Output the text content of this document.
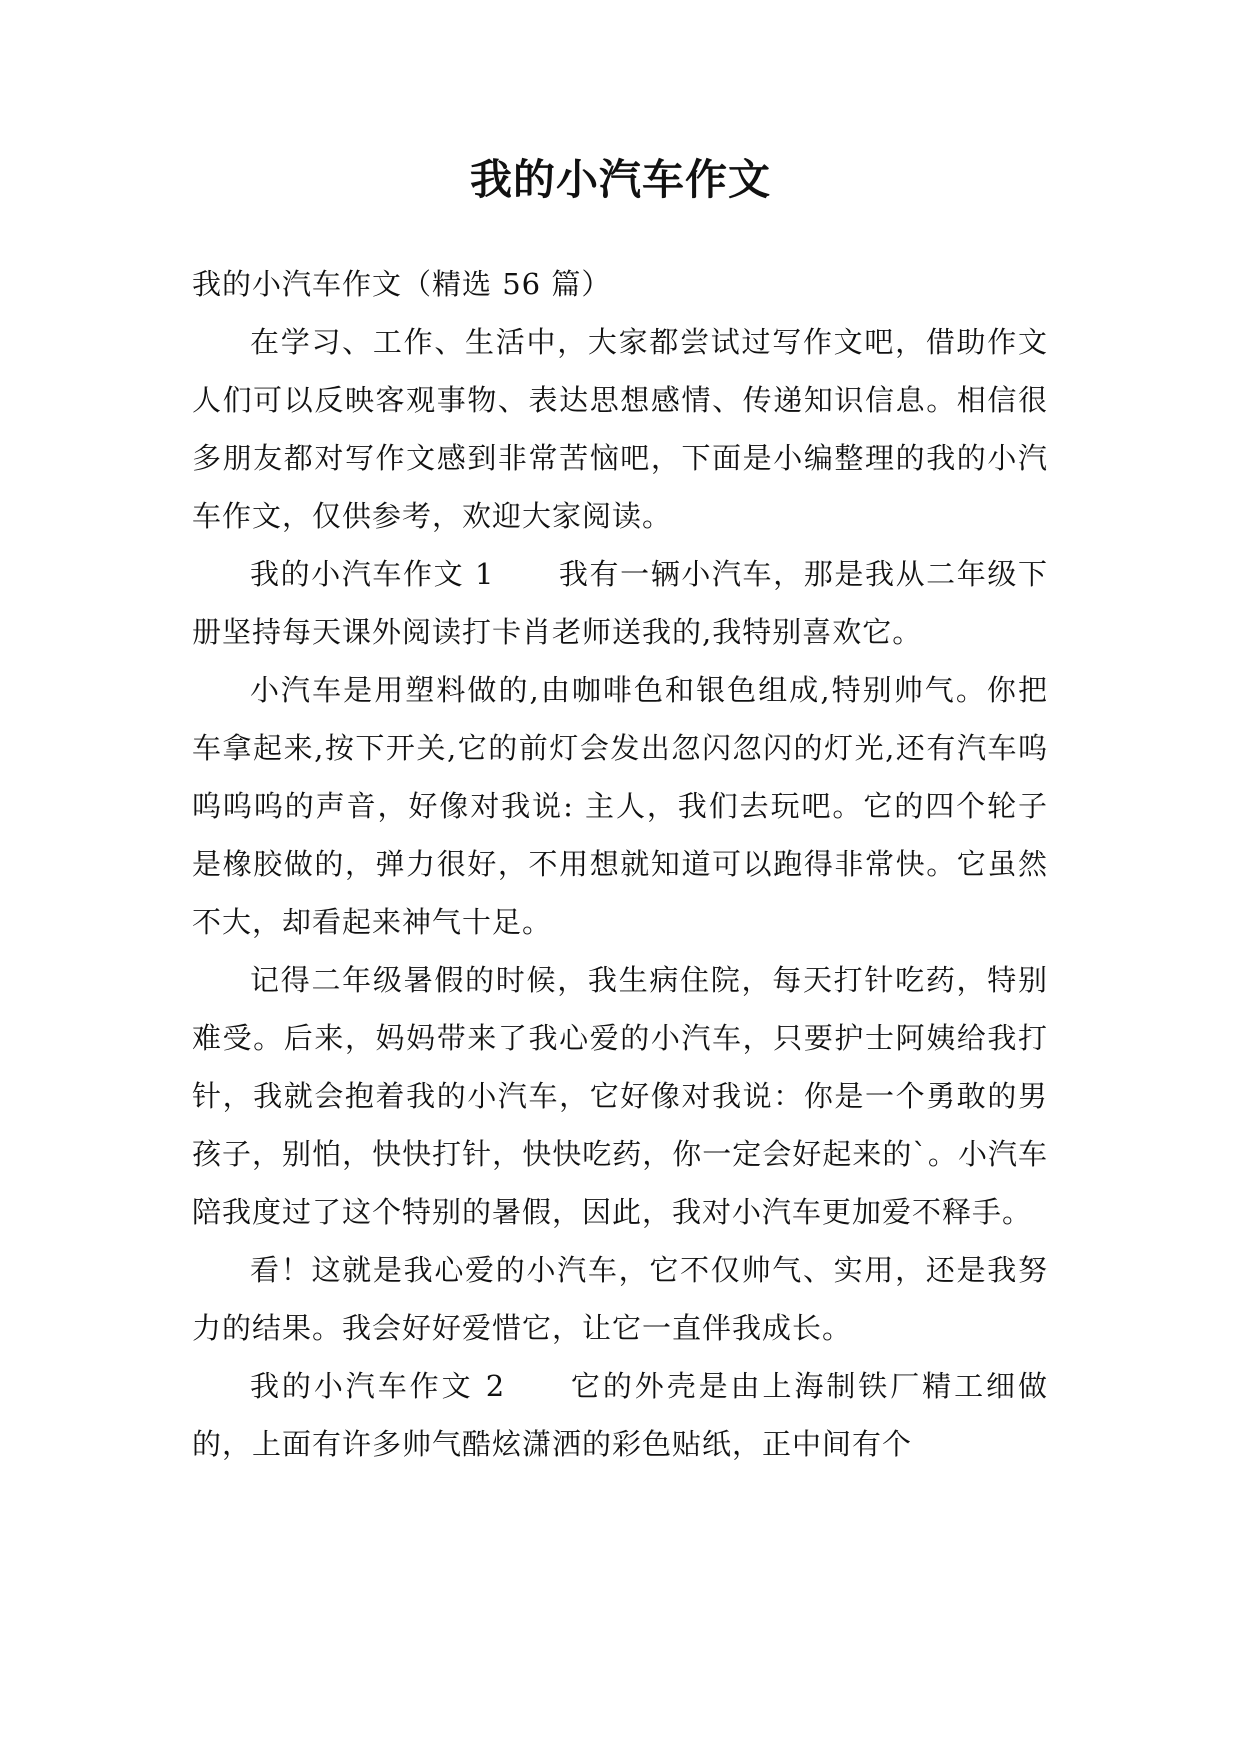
我的小汽车作文

我的小汽车作文（精选 56 篇）

在学习、工作、生活中，大家都尝试过写作文吧，借助作文人们可以反映客观事物、表达思想感情、传递知识信息。相信很多朋友都对写作文感到非常苦恼吧，下面是小编整理的我的小汽车作文，仅供参考，欢迎大家阅读。

我的小汽车作文 1 我有一辆小汽车，那是我从二年级下册坚持每天课外阅读打卡肖老师送我的,我特别喜欢它。

小汽车是用塑料做的,由咖啡色和银色组成,特别帅气。你把车拿起来,按下开关,它的前灯会发出忽闪忽闪的灯光,还有汽车呜呜呜呜的声音，好像对我说: 主人，我们去玩吧。它的四个轮子是橡胶做的，弹力很好，不用想就知道可以跑得非常快。它虽然不大，却看起来神气十足。

记得二年级暑假的时候，我生病住院，每天打针吃药，特别难受。后来，妈妈带来了我心爱的小汽车，只要护士阿姨给我打针，我就会抱着我的小汽车，它好像对我说：你是一个勇敢的男孩子，别怕，快快打针，快快吃药，你一定会好起来的`。小汽车陪我度过了这个特别的暑假，因此，我对小汽车更加爱不释手。

看！这就是我心爱的小汽车，它不仅帅气、实用，还是我努力的结果。我会好好爱惜它，让它一直伴我成长。

我的小汽车作文 2 它的外壳是由上海制铁厂精工细做的，上面有许多帅气酷炫潇洒的彩色贴纸，正中间有个
